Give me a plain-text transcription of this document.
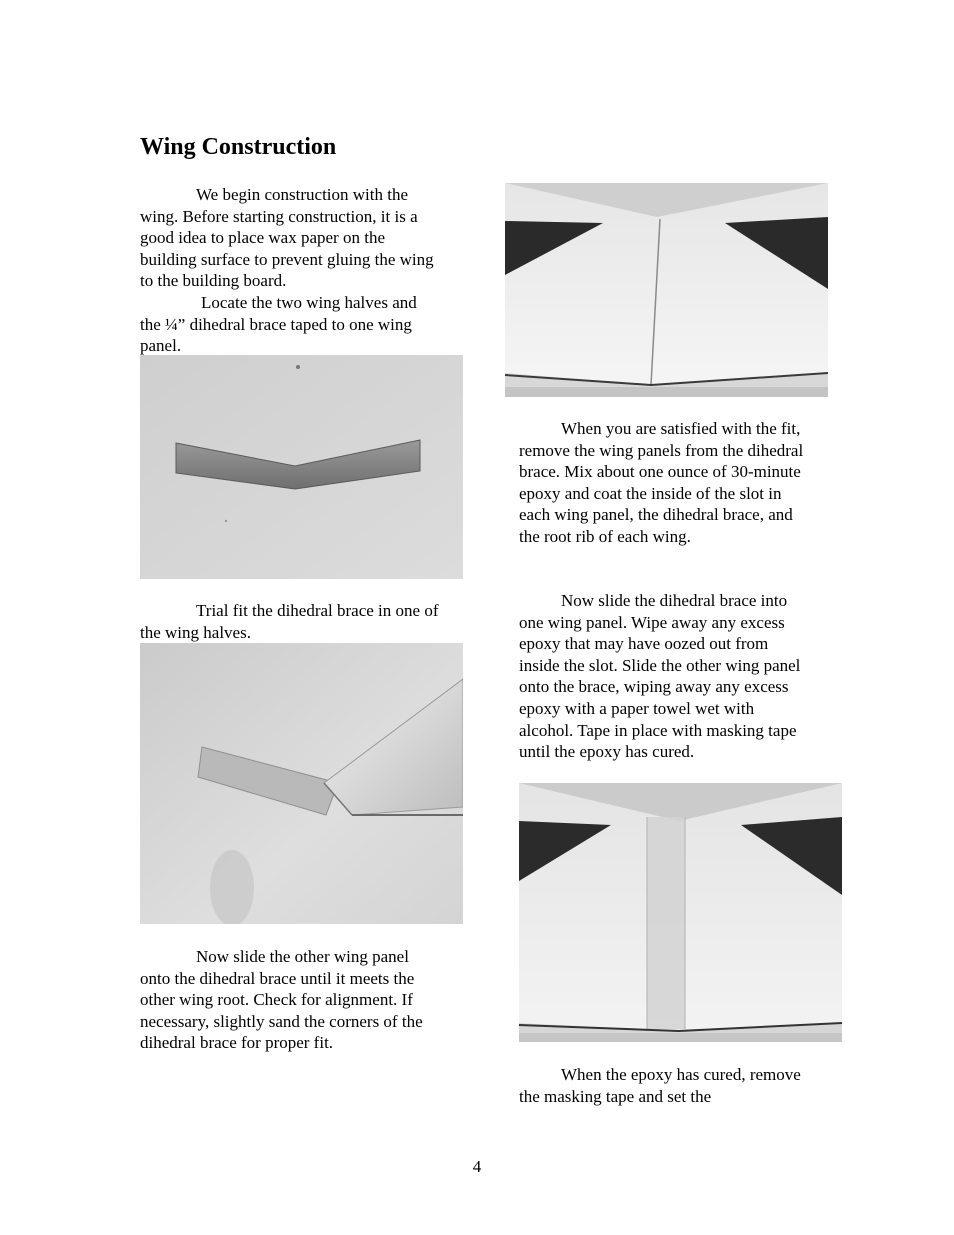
Wing Construction

We begin construction with the wing. Before starting construction, it is a good idea to place wax paper on the building surface to prevent gluing the wing to the building board.

Locate the two wing halves and the ¼” dihedral brace taped to one wing panel.

Trial fit the dihedral brace in one of the wing halves.

Now slide the other wing panel onto the dihedral brace until it meets the other wing root. Check for alignment. If necessary, slightly sand the corners of the dihedral brace for proper fit.

When you are satisfied with the fit, remove the wing panels from the dihedral brace. Mix about one ounce of 30-minute epoxy and coat the inside of the slot in each wing panel, the dihedral brace, and the root rib of each wing.

Now slide the dihedral brace into one wing panel. Wipe away any excess epoxy that may have oozed out from inside the slot. Slide the other wing panel onto the brace, wiping away any excess epoxy with a paper towel wet with alcohol. Tape in place with masking tape until the epoxy has cured.

When the epoxy has cured, remove the masking tape and set the

4
